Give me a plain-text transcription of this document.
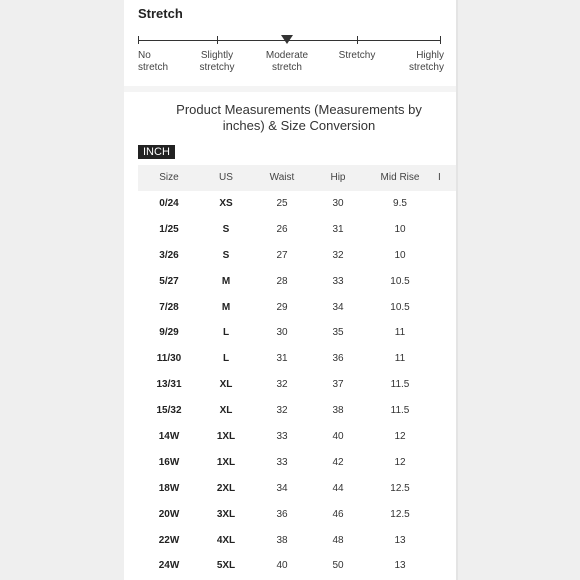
Stretch
No
stretch
Slightly
stretchy
Moderate
stretch
Stretchy	Highly
stretchy
Product Measurements (Measurements by inches) & Size Conversion
INCH
Size	US	Waist	Hip	Mid Rise	I
0/24	XS	25	30	9.5
1/25	S	26	31	10
3/26	S	27	32	10
5/27	M	28	33	10.5
7/28	M	29	34	10.5
9/29	L	30	35	11
11/30	L	31	36	11
13/31	XL	32	37	11.5
15/32	XL	32	38	11.5
14W	1XL	33	40	12
16W	1XL	33	42	12
18W	2XL	34	44	12.5
20W	3XL	36	46	12.5
22W	4XL	38	48	13
24W	5XL	40	50	13
